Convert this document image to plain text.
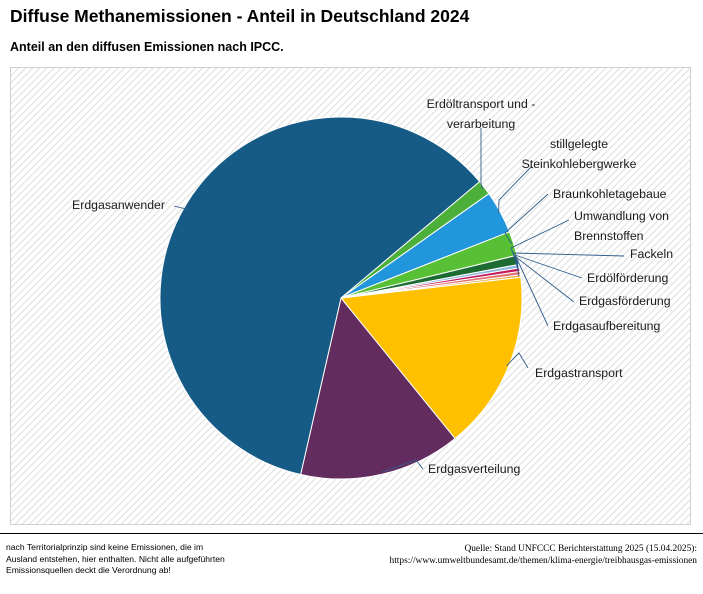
Diffuse Methanemissionen - Anteil in Deutschland 2024
Anteil an den diffusen Emissionen nach IPCC.
Erdgastransport
Erdgasverteilung
Erdgasanwender
Erdöltransport und -verarbeitung
stillgelegte Steinkohlebergwerke
Braunkohletagebaue
Umwandlung von Brennstoffen
Fackeln
Erdölförderung
Erdgasförderung
Erdgasaufbereitung
nach Territorialprinzip sind keine Emissionen, die im Ausland entstehen, hier enthalten. Nicht alle aufgeführten Emissionsquellen deckt die Verordnung ab!
Quelle: Stand UNFCCC Berichterstattung 2025 (15.04.2025):
https://www.umweltbundesamt.de/themen/klima-energie/treibhausgas-emissionen
